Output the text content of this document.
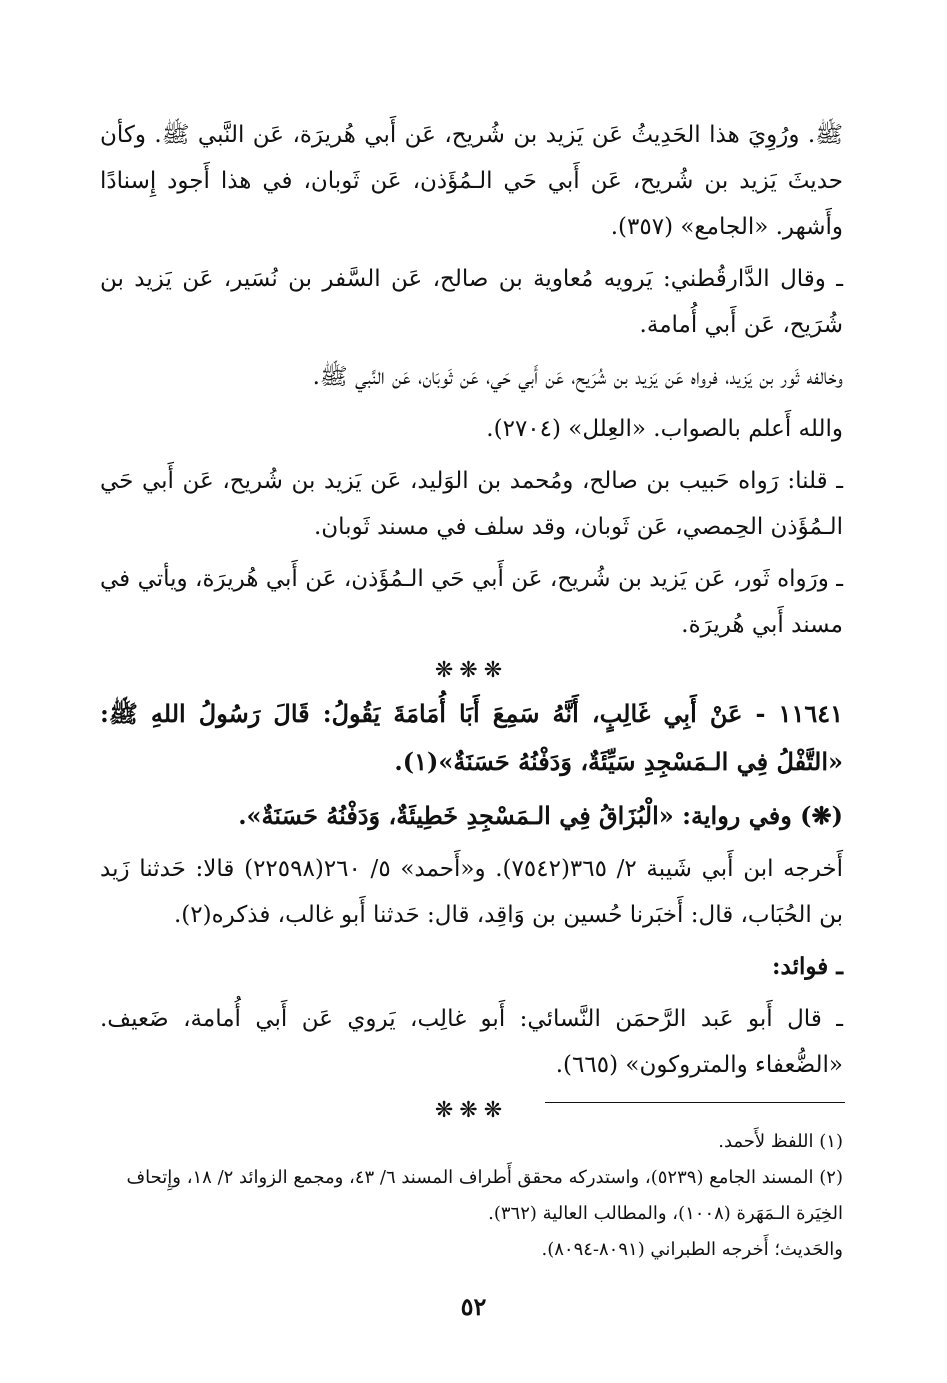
ﷺ. ورُوِيَ هذا الحَدِيثُ عَن يَزيد بن شُريح، عَن أَبي هُريرَة، عَن النَّبي ﷺ. وكأن حديثَ يَزيد بن شُريح، عَن أَبي حَي الـمُؤَذن، عَن ثَوبان، في هذا أَجود إِسنادًا وأَشهر. «الجامع» (٣٥٧).

ـ وقال الدَّارقُطني: يَرويه مُعاوية بن صالح، عَن السَّفر بن نُسَير، عَن يَزيد بن شُرَيح، عَن أَبي أُمامة.

وخالفه ثَور بن يَزيد، فرواه عَن يَزيد بن شُرَيح، عَن أَبي حَي، عَن ثَوبَان، عَن النَّبي ﷺ.

والله أَعلم بالصواب. «العِلل» (٢٧٠٤).

ـ قلنا: رَواه حَبيب بن صالح، ومُحمد بن الوَليد، عَن يَزيد بن شُريح، عَن أَبي حَي الـمُؤَذن الحِمصي، عَن ثَوبان، وقد سلف في مسند ثَوبان.

ـ ورَواه ثَور، عَن يَزيد بن شُريح، عَن أَبي حَي الـمُؤَذن، عَن أَبي هُريرَة، ويأتي في مسند أَبي هُريرَة.

❋❋❋

١١٦٤١ - عَنْ أَبِي غَالِبٍ، أَنَّهُ سَمِعَ أَبَا أُمَامَةَ يَقُولُ: قَالَ رَسُولُ اللهِ ﷺ: «التَّفْلُ فِي الـمَسْجِدِ سَيِّئَةٌ، وَدَفْنُهُ حَسَنَةٌ»(١).

(❋) وفي رواية: «الْبُزَاقُ فِي الـمَسْجِدِ خَطِيئَةٌ، وَدَفْنُهُ حَسَنَةٌ».

أَخرجه ابن أَبي شَيبة ٢/ ٣٦٥(٧٥٤٢). و«أَحمد» ٥/ ٢٦٠(٢٢٥٩٨) قالا: حَدثنا زَيد بن الحُبَاب، قال: أَخبَرنا حُسين بن وَاقِد، قال: حَدثنا أَبو غالب، فذكره(٢).

ـ فوائد:

ـ قال أَبو عَبد الرَّحمَن النَّسائي: أَبو غالِب، يَروي عَن أَبي أُمامة، ضَعيف. «الضُّعفاء والمتروكون» (٦٦٥).

❋❋❋

(١) اللفظ لأَحمد.

(٢) المسند الجامع (٥٢٣٩)، واستدركه محقق أَطراف المسند ٦/ ٤٣، ومجمع الزوائد ٢/ ١٨، وإِتحاف الخِيَرة الـمَهَرة (١٠٠٨)، والمطالب العالية (٣٦٢).

والحَديث؛ أَخرجه الطبراني (٨٠٩١-٨٠٩٤).

٥٢
